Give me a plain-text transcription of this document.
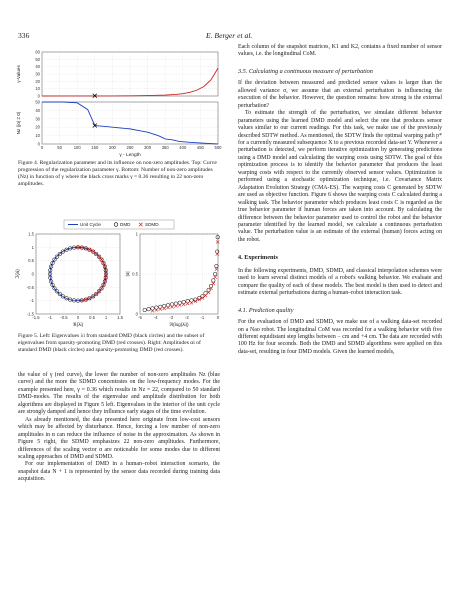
336	E. Berger et al.
0
10
20
30
40
50
60
γ-Values
0
10
20
30
40
50
0	50	100	150	200	250	300	350	400	450	500
Nz (|α| ≠ 0)
γ - Length
Figure 4. Regularization parameter and its influence on non-zero amplitudes. Top: Curve progression of the regularization parameter γ. Bottom: Number of non-zero amplitudes (Nz) in function of γ where the black cross marks γ = 0.36 resulting in 22 non-zero amplitudes.
Unit Cycle	DMD	SDMD
-1.5
-1
-0.5
0
0.5
1
1.5
-1.5 -1 -0.5 0 0.5 1 1.5
ℑ{λi}
ℜ{λi}
0
0.5
1
-5	-4	-3	-2	-1	0
|α|
ℜ{log(λi)}
Figure 5. Left: Eigenvalues λi from standard DMD (black circles) and the subset of eigenvalues from sparsity-promoting DMD (red crosses). Right: Amplitudes αi of standard DMD (black circles) and sparsity-promoting DMD (red crosses).

the value of γ (red curve), the lower the number of non-zero amplitudes Nz (blue curve) and the more the SDMD concentrates on the low-frequency modes. For the example presented here, γ = 0.36 which results in Nz = 22, compared to 50 standard DMD-modes. The results of the eigenvalue and amplitude distribution for both algorithms are displayed in Figure 5 left. Eigenvalues in the interior of the unit cycle are strongly damped and hence they influence early stages of the time evolution.

As already mentioned, the data presented here originate from low-cost sensors which may be affected by disturbance. Hence, forcing a low number of non-zero amplitudes in α can reduce the influence of noise in the approximation. As shown in Figure 5 right, the SDMD emphasizes 22 non-zero amplitudes. Furthermore, differences of the scaling vector α are noticeable for some modes due to different scaling approaches of DMD and SDMD.

For our implementation of DMD in a human–robot interaction scenario, the snapshot data N + 1 is represented by the sensor data recorded during training data acquisition.

Each column of the snapshot matrices, K1 and K2, contains a fixed number of sensor values, i.e. the longitudinal CoM.

3.5. Calculating a continuous measure of perturbation

If the deviation between measured and predicted sensor values is larger than the allowed variance σ, we assume that an external perturbation is influencing the execution of the behavior. However, the question remains: how strong is the external perturbation?

To estimate the strength of the perturbation, we simulate different behavior parameters using the learned DMD model and select the one that produces sensor values similar to our current readings. For this task, we make use of the previously described SDTW method. As mentioned, the SDTW finds the optimal warping path p* for a currently measured subsequence X to a previous recorded data-set Y. Whenever a perturbation is detected, we perform iterative optimization by generating predictions using a DMD model and calculating the warping costs using SDTW. The goal of this optimization process is to identify the behavior parameter that produces the least warping costs with respect to the currently observed sensor values. Optimization is performed using a stochastic optimization technique, i.e. Covariance Matrix Adaptation Evolution Strategy (CMA-ES). The warping costs C generated by SDTW are used as objective function. Figure 6 shows the warping costs C calculated during a walking task. The behavior parameter which produces least costs C is regarded as the true behavior parameter if human forces are taken into account. By calculating the difference between the behavior parameter used to control the robot and the behavior parameter identified by the learned model, we calculate a continuous perturbation value. The perturbation value is an estimate of the external (human) forces acting on the robot.

4. Experiments

In the following experiments, DMD, SDMD, and classical interpolation schemes were used to learn several distinct models of a robot's walking behavior. We evaluate and compare the quality of each of these models. The best model is then used to detect and estimate external perturbations during a human–robot interaction task.

4.1. Prediction quality

For the evaluation of DMD and SDMD, we make use of a walking data-set recorded on a Nao robot. The longitudinal CoM was recorded for a walking behavior with five different equidistant step lengths between − cm and +4 cm. The data are recorded with 100 Hz for four seconds. Both the DMD and SDMD algorithms were applied on this data-set, resulting in four DMD models. Given the learned models,
